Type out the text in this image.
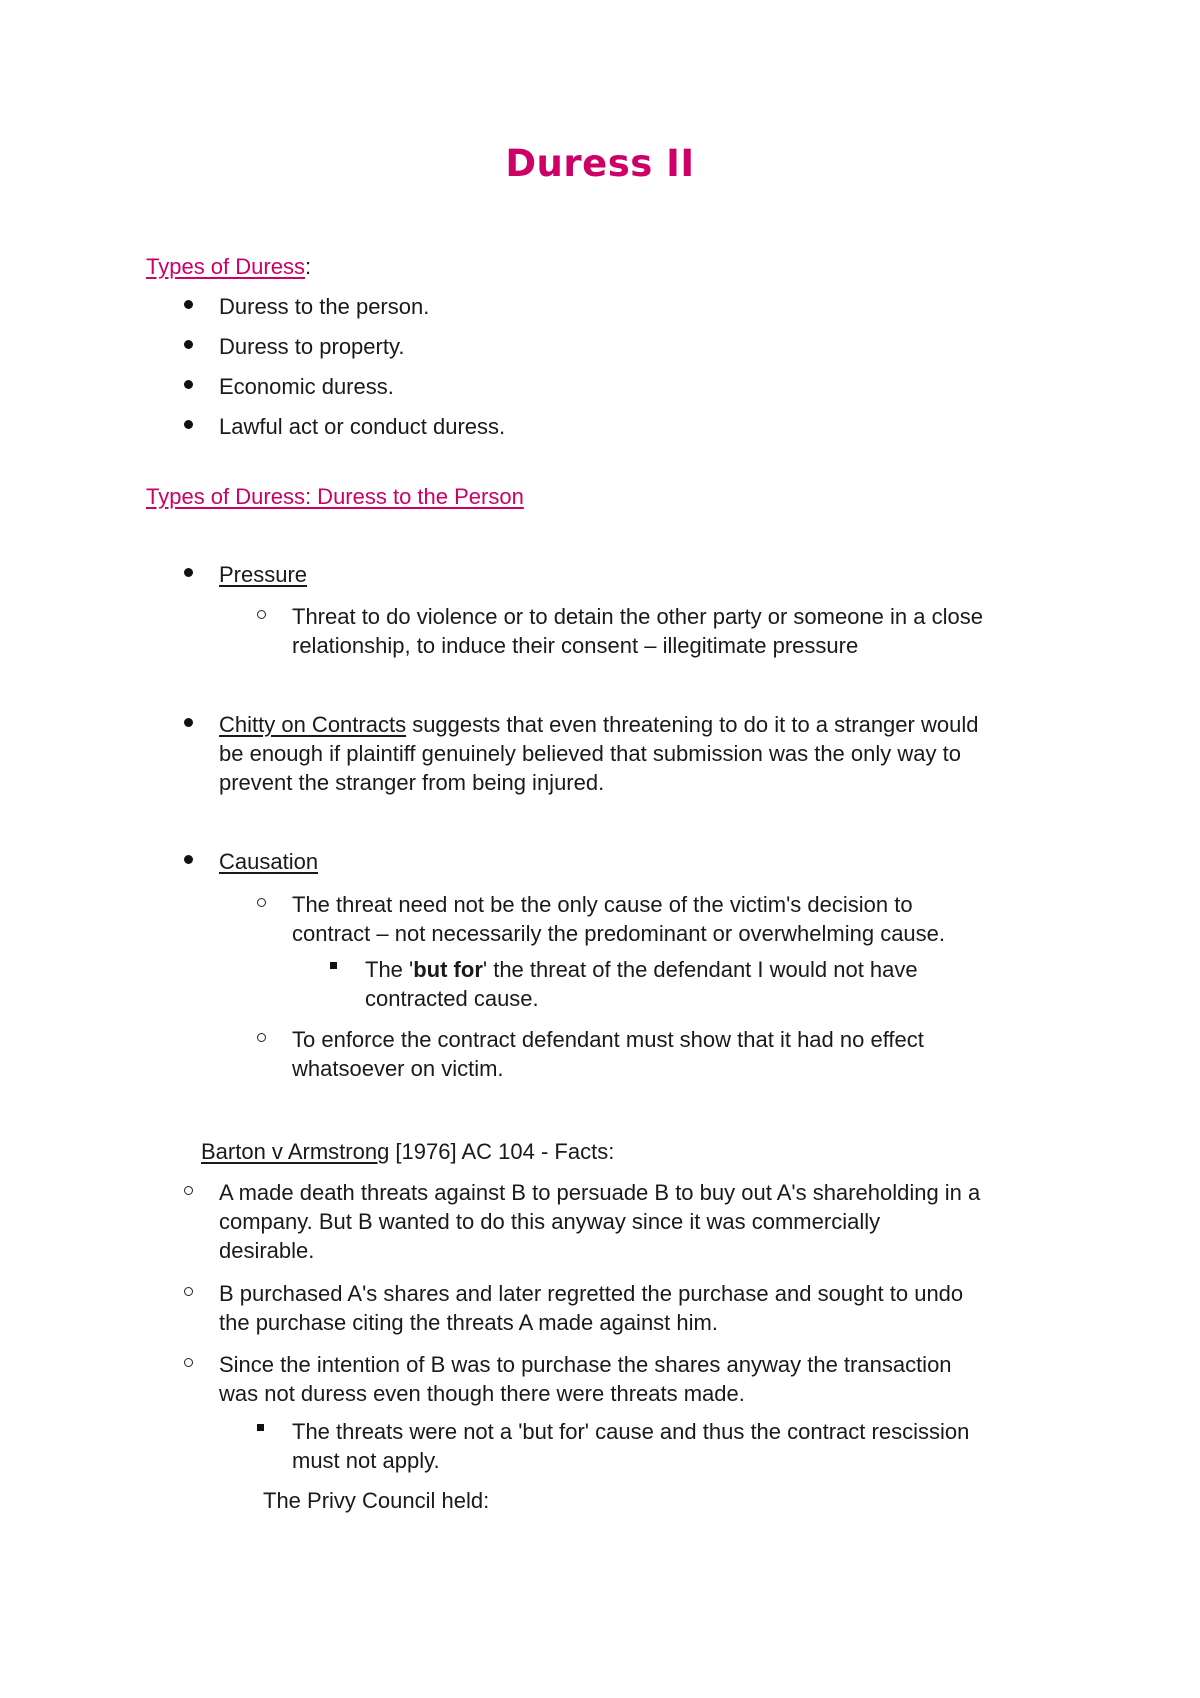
Duress II
Types of Duress:
Duress to the person.
Duress to property.
Economic duress.
Lawful act or conduct duress.
Types of Duress: Duress to the Person
Pressure
Threat to do violence or to detain the other party or someone in a close
relationship, to induce their consent – illegitimate pressure
Chitty on Contracts suggests that even threatening to do it to a stranger would
be enough if plaintiff genuinely believed that submission was the only way to
prevent the stranger from being injured.
Causation
The threat need not be the only cause of the victim's decision to
contract – not necessarily the predominant or overwhelming cause.
The 'but for' the threat of the defendant I would not have
contracted cause.
To enforce the contract defendant must show that it had no effect
whatsoever on victim.
Barton v Armstrong [1976] AC 104 - Facts:
A made death threats against B to persuade B to buy out A's shareholding in a
company. But B wanted to do this anyway since it was commercially
desirable.
B purchased A's shares and later regretted the purchase and sought to undo
the purchase citing the threats A made against him.
Since the intention of B was to purchase the shares anyway the transaction
was not duress even though there were threats made.
The threats were not a 'but for' cause and thus the contract rescission
must not apply.
The Privy Council held:
